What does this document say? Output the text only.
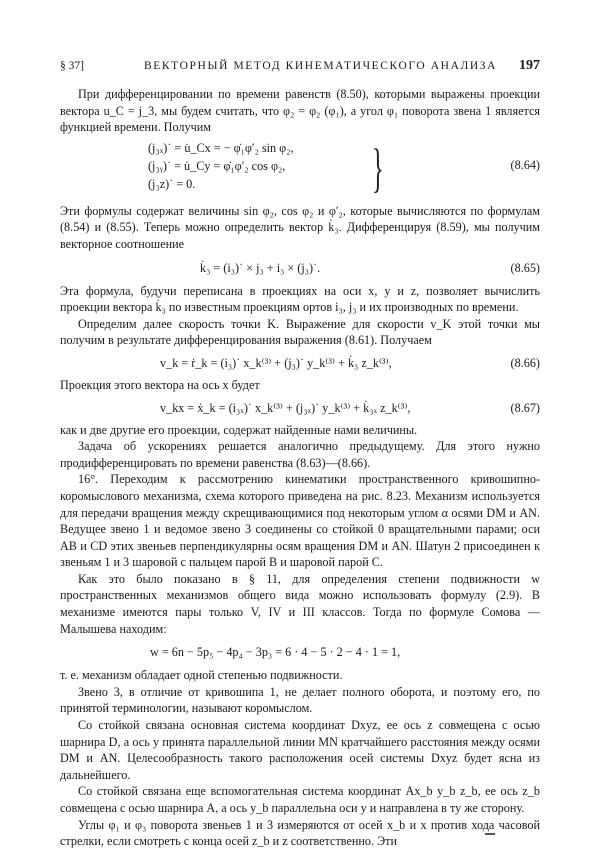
§ 37]	ВЕКТОРНЫЙ МЕТОД КИНЕМАТИЧЕСКОГО АНАЛИЗА 197

При дифференцировании по времени равенств (8.50), которыми выражены проекции вектора u_C = j_3, мы будем считать, что φ₂ = φ₂ (φ₁), а угол φ₁ поворота звена 1 является функцией времени. Получим

(j₃ₓ)˙ = u̇_Cx = − φ̇₁φ′₂ sin φ₂,
(j₃ᵧ)˙ = u̇_Cy = φ̇₁φ′₂ cos φ₂,
(j₃z)˙ = 0.	}	(8.64)

Эти формулы содержат величины sin φ₂, cos φ₂ и φ′₂, которые вычисляются по формулам (8.54) и (8.55). Теперь можно определить вектор k̇₃. Дифференцируя (8.59), мы получим векторное соотношение

k̇₃ = (i₃)˙ × j₃ + i₃ × (j₃)˙.	(8.65)

Эта формула, будучи переписана в проекциях на оси x, y и z, позволяет вычислить проекции вектора k̇₃ по известным проекциям ортов i₃, j₃ и их производных по времени.

Определим далее скорость точки K. Выражение для скорости v_K этой точки мы получим в результате дифференцирования выражения (8.61). Получаем

v_k = ṙ_k = (i₃)˙ x_k⁽³⁾ + (j₃)˙ y_k⁽³⁾ + k̇₃ z_k⁽³⁾,	(8.66)

Проекция этого вектора на ось x будет

v_kx = ẋ_k = (i₃ₓ)˙ x_k⁽³⁾ + (j₃ₓ)˙ y_k⁽³⁾ + k̇₃ₓ z_k⁽³⁾,	(8.67)

как и две другие его проекции, содержат найденные нами величины.

Задача об ускорениях решается аналогично предыдущему. Для этого нужно продифференцировать по времени равенства (8.63)—(8.66).

16°. Переходим к рассмотрению кинематики пространственного кривошипно-коромыслового механизма, схема которого приведена на рис. 8.23. Механизм используется для передачи вращения между скрещивающимися под некоторым углом α осями DM и AN. Ведущее звено 1 и ведомое звено 3 соединены со стойкой 0 вращательными парами; оси AB и CD этих звеньев перпендикулярны осям вращения DM и AN. Шатун 2 присоединен к звеньям 1 и 3 шаровой с пальцем парой B и шаровой парой C.

Как это было показано в § 11, для определения степени подвижности w пространственных механизмов общего вида можно использовать формулу (2.9). В механизме имеются пары только V, IV и III классов. Тогда по формуле Сомова — Малышева находим:

w = 6n − 5p₅ − 4p₄ − 3p₃ = 6 · 4 − 5 · 2 − 4 · 1 = 1,

т. е. механизм обладает одной степенью подвижности.

Звено 3, в отличие от кривошипа 1, не делает полного оборота, и поэтому его, по принятой терминологии, называют коромыслом.

Со стойкой связана основная система координат Dxyz, ее ось z совмещена с осью шарнира D, а ось y принята параллельной линии MN кратчайшего расстояния между осями DM и AN. Целесообразность такого расположения осей системы Dxyz будет ясна из дальнейшего.

Со стойкой связана еще вспомогательная система координат Ax_b y_b z_b, ее ось z_b совмещена с осью шарнира A, а ось y_b параллельна оси y и направлена в ту же сторону.

Углы φ₁ и φ₃ поворота звеньев 1 и 3 измеряются от осей x_b и x против хода часовой стрелки, если смотреть с конца осей z_b и z соответственно. Эти
